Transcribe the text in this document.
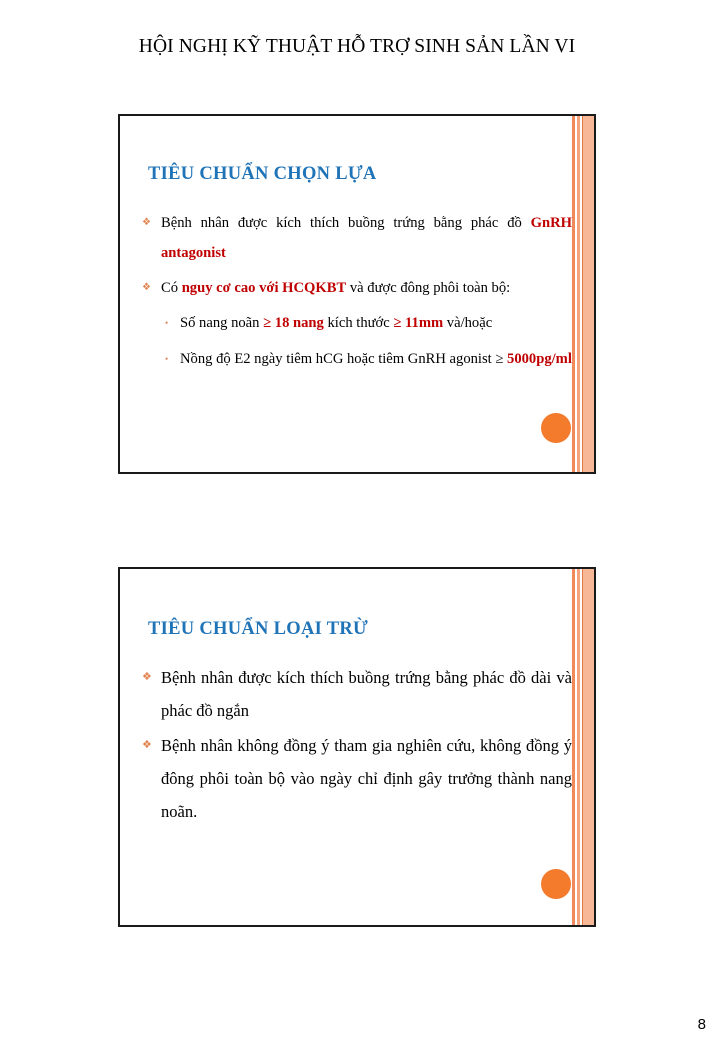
HỘI NGHỊ KỸ THUẬT HỖ TRỢ SINH SẢN LẦN VI
TIÊU CHUẨN CHỌN LỰA
❖ Bệnh nhân được kích thích buồng trứng bằng phác đồ GnRH antagonist
❖ Có nguy cơ cao với HCQKBT và được đông phôi toàn bộ:
• Số nang noãn ≥ 18 nang kích thước ≥ 11mm và/hoặc
• Nồng độ E2 ngày tiêm hCG hoặc tiêm GnRH agonist ≥ 5000pg/ml
TIÊU CHUẨN LOẠI TRỪ
❖ Bệnh nhân được kích thích buồng trứng bằng phác đồ dài và phác đồ ngắn
❖ Bệnh nhân không đồng ý tham gia nghiên cứu, không đồng ý đông phôi toàn bộ vào ngày chỉ định gây trưởng thành nang noãn.
8
